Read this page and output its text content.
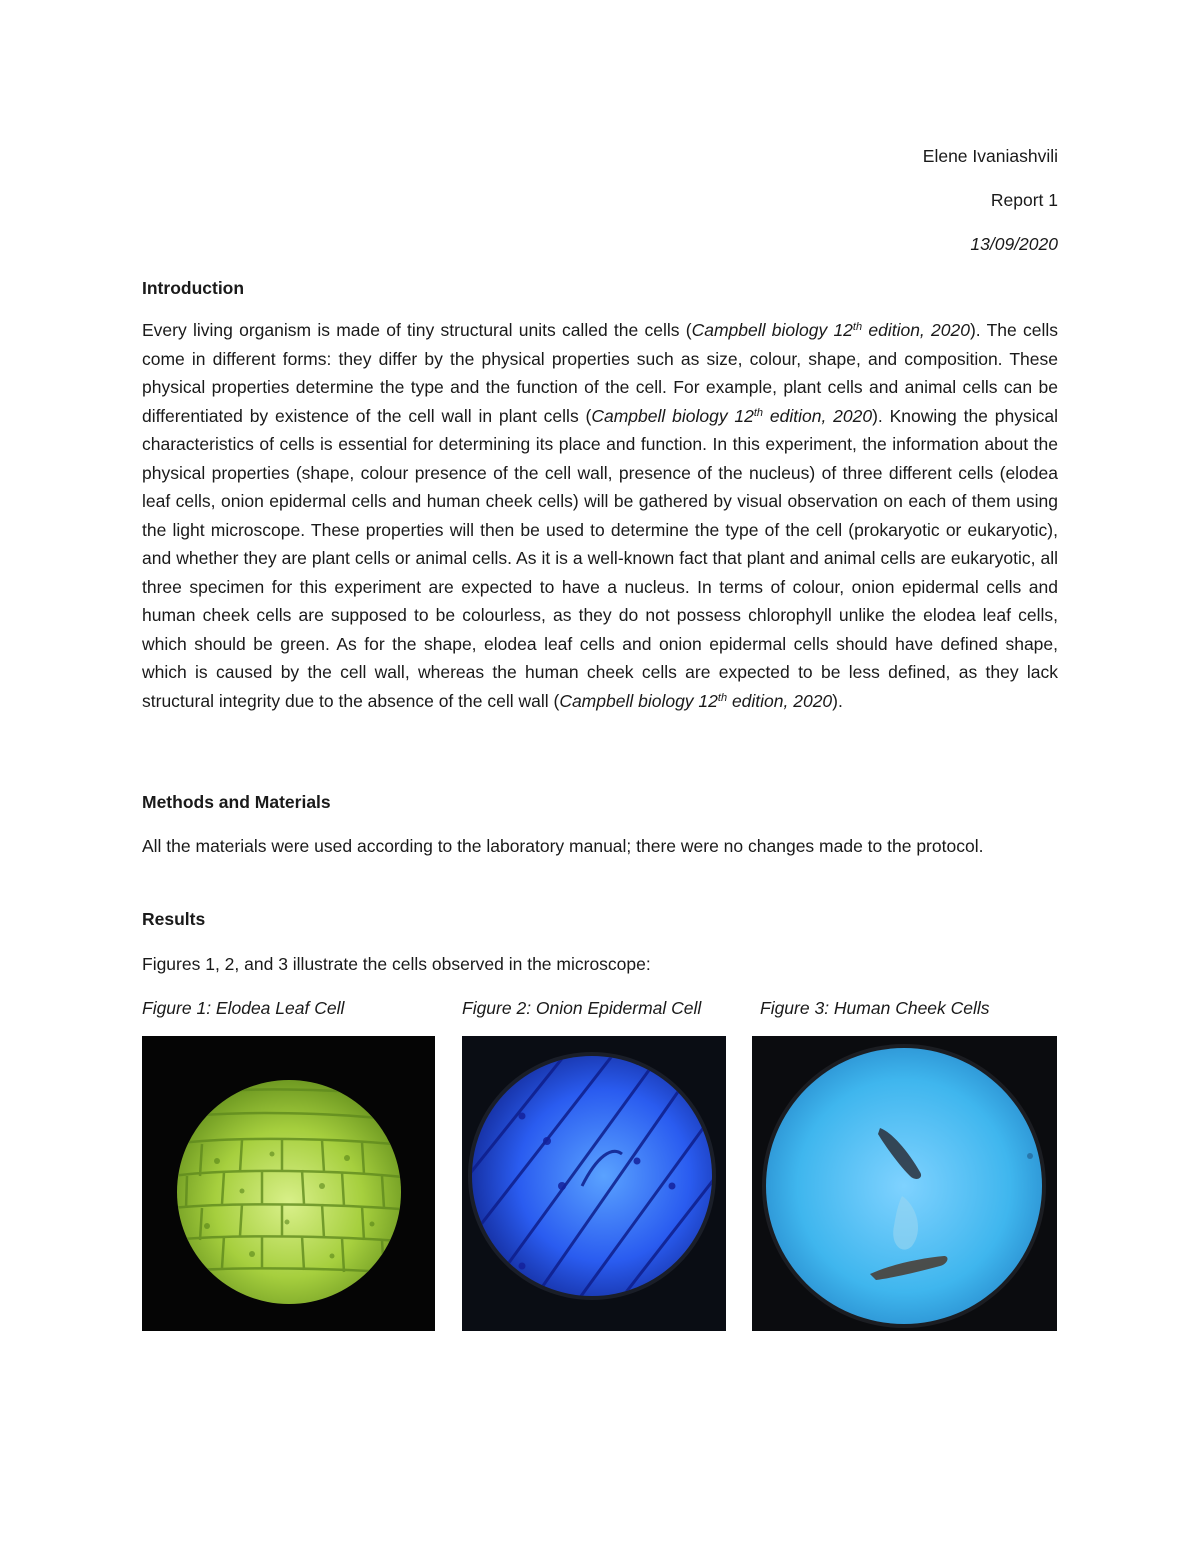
Elene Ivaniashvili
Report 1
13/09/2020
Introduction

Every living organism is made of tiny structural units called the cells (Campbell biology 12th edition, 2020). The cells come in different forms: they differ by the physical properties such as size, colour, shape, and composition. These physical properties determine the type and the function of the cell. For example, plant cells and animal cells can be differentiated by existence of the cell wall in plant cells (Campbell biology 12th edition, 2020). Knowing the physical characteristics of cells is essential for determining its place and function. In this experiment, the information about the physical properties (shape, colour presence of the cell wall, presence of the nucleus) of three different cells (elodea leaf cells, onion epidermal cells and human cheek cells) will be gathered by visual observation on each of them using the light microscope. These properties will then be used to determine the type of the cell (prokaryotic or eukaryotic), and whether they are plant cells or animal cells. As it is a well-known fact that plant and animal cells are eukaryotic, all three specimen for this experiment are expected to have a nucleus. In terms of colour, onion epidermal cells and human cheek cells are supposed to be colourless, as they do not possess chlorophyll unlike the elodea leaf cells, which should be green. As for the shape, elodea leaf cells and onion epidermal cells should have defined shape, which is caused by the cell wall, whereas the human cheek cells are expected to be less defined, as they lack structural integrity due to the absence of the cell wall (Campbell biology 12th edition, 2020).

Methods and Materials

All the materials were used according to the laboratory manual; there were no changes made to the protocol.

Results

Figures 1, 2, and 3 illustrate the cells observed in the microscope:

Figure 1: Elodea Leaf Cell	Figure 2: Onion Epidermal Cell	Figure 3: Human Cheek Cells
